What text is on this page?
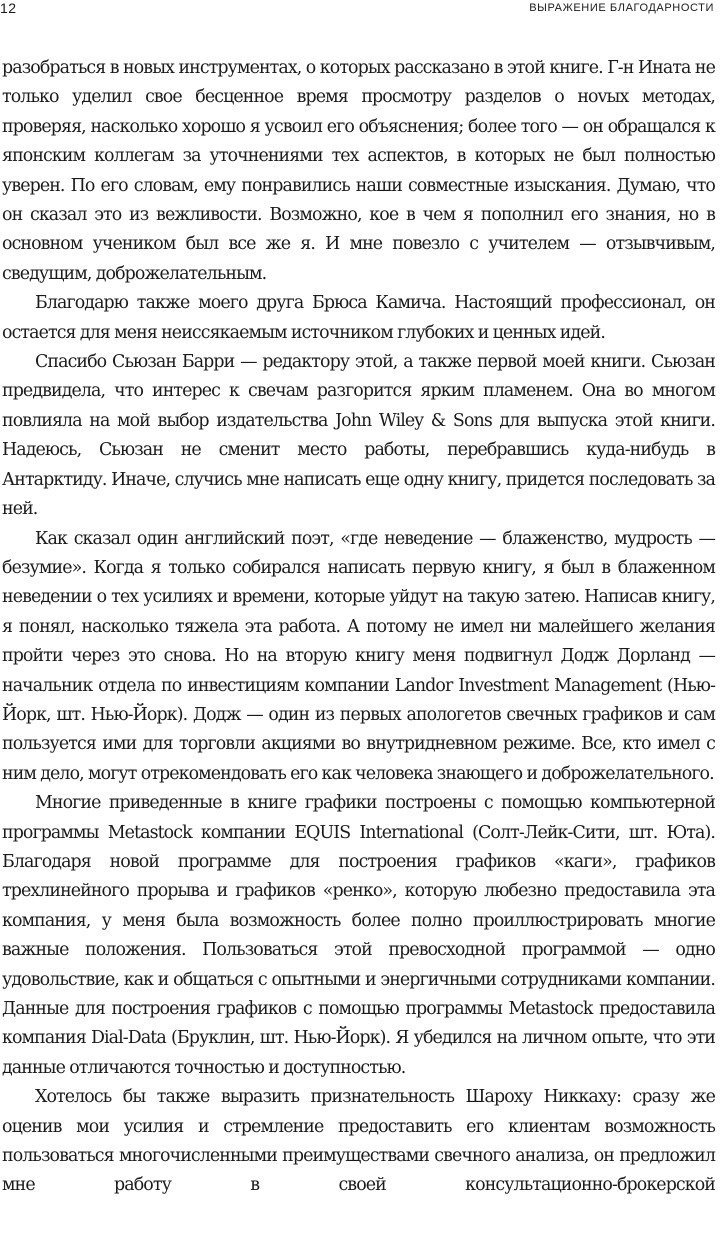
12	ВЫРАЖЕНИЕ БЛАГОДАРНОСТИ

разобраться в новых инструментах, о которых рассказано в этой книге. Г-н Ината не только уделил свое бесценное время просмотру разделов о ноvых методах, проверяя, насколько хорошо я усвоил его объяснения; более того — он обращался к японским коллегам за уточнениями тех аспектов, в которых не был полностью уверен. По его словам, ему понравились наши совместные изыскания. Думаю, что он сказал это из вежливости. Возможно, кое в чем я пополнил его знания, но в основном учеником был все же я. И мне повезло с учителем — отзывчивым, сведущим, доброжелательным.

Благодарю также моего друга Брюса Камича. Настоящий профессионал, он остается для меня неиссякаемым источником глубоких и ценных идей.

Спасибо Сьюзан Барри — редактору этой, а также первой моей книги. Сьюзан предвидела, что интерес к свечам разгорится ярким пламенем. Она во многом повлияла на мой выбор издательства John Wiley & Sons для выпуска этой книги. Надеюсь, Сьюзан не сменит место работы, перебравшись куда-нибудь в Антарктиду. Иначе, случись мне написать еще одну книгу, придется последовать за ней.

Как сказал один английский поэт, «где неведение — блаженство, мудрость — безумие». Когда я только собирался написать первую книгу, я был в блаженном неведении о тех усилиях и времени, которые уйдут на такую затею. Написав книгу, я понял, насколько тяжела эта работа. А потому не имел ни малейшего желания пройти через это снова. Но на вторую книгу меня подвигнул Додж Дорланд — начальник отдела по инвестициям компании Landor Investment Management (Нью-Йорк, шт. Нью-Йорк). Додж — один из первых апологетов свечных графиков и сам пользуется ими для торговли акциями во внутридневном режиме. Все, кто имел с ним дело, могут отрекомендовать его как человека знающего и доброжелательного.

Многие приведенные в книге графики построены с помощью компьютерной программы Metastock компании EQUIS International (Солт-Лейк-Сити, шт. Юта). Благодаря новой программе для построения графиков «каги», графиков трехлинейного прорыва и графиков «ренко», которую любезно предоставила эта компания, у меня была возможность более полно проиллюстрировать многие важные положения. Пользоваться этой превосходной программой — одно удовольствие, как и общаться с опытными и энергичными сотрудниками компании. Данные для построения графиков с помощью программы Metastock предоставила компания Dial-Data (Бруклин, шт. Нью-Йорк). Я убедился на личном опыте, что эти данные отличаются точностью и доступностью.

Хотелось бы также выразить признательность Шароху Никкаху: сразу же оценив мои усилия и стремление предоставить его клиентам возможность пользоваться многочисленными преимуществами свечного анализа, он предложил мне работу в своей консультационно-брокерской
